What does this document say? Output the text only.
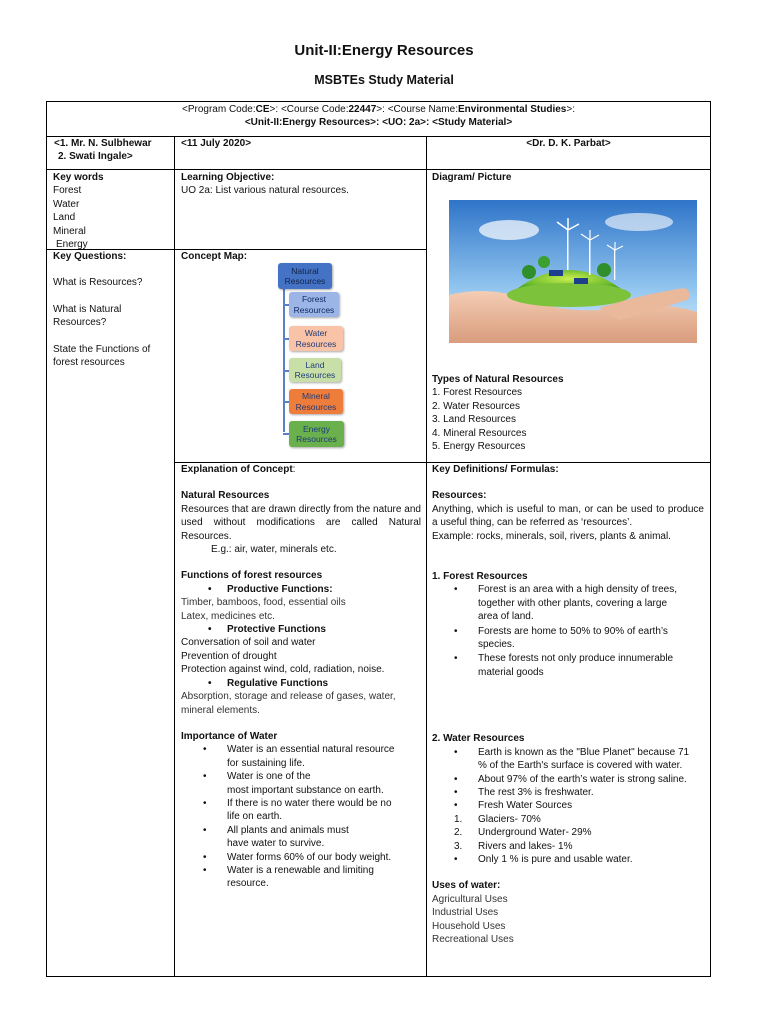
Unit-II:Energy Resources
MSBTEs Study Material
<Program Code:CE>: <Course Code:22447>: <Course Name:Environmental Studies>:
<Unit-II:Energy Resources>: <UO: 2a>: <Study Material>
<1. Mr. N. Sulbhewar
2. Swati Ingale>
<11 July 2020>	<Dr. D. K. Parbat>
Key words
Forest
Water
Land
Mineral
Energy
Learning Objective:
UO 2a: List various natural resources.
Key Questions:
What is Resources?
What is Natural
Resources?
State the Functions of
forest resources
Concept Map:
Natural
Resources
Forest
Resources
Water
Resources
Land
Resources
Mineral
Resources
Energy
Resources
Diagram/ Picture
Types of Natural Resources
1. Forest Resources
2. Water Resources
3. Land Resources
4. Mineral Resources
5. Energy Resources
Explanation of Concept:
Natural Resources
Resources that are drawn directly from the nature and used without modifications are called Natural Resources.
E.g.: air, water, minerals etc.
Functions of forest resources
• Productive Functions:
Timber, bamboos, food, essential oils
Latex, medicines etc.
• Protective Functions
Conversation of soil and water
Prevention of drought
Protection against wind, cold, radiation, noise.
• Regulative Functions
Absorption, storage and release of gases, water,
mineral elements.
Importance of Water
• Water is an essential natural resource
for sustaining life.
• Water is one of the
most important substance on earth.
• If there is no water there would be no
life on earth.
• All plants and animals must
have water to survive.
• Water forms 60% of our body weight.
• Water is a renewable and limiting
resource.
Key Definitions/ Formulas:
Resources:
Anything, which is useful to man, or can be used to produce a useful thing, can be referred as ‘resources’.
Example: rocks, minerals, soil, rivers, plants & animal.
1. Forest Resources
• Forest is an area with a high density of trees,
together with other plants, covering a large
area of land.
• Forests are home to 50% to 90% of earth’s
species.
• These forests not only produce innumerable
material goods
2. Water Resources
• Earth is known as the "Blue Planet" because 71
% of the Earth's surface is covered with water.
• About 97% of the earth’s water is strong saline.
• The rest 3% is freshwater.
• Fresh Water Sources
1. Glaciers- 70%
2. Underground Water- 29%
3. Rivers and lakes- 1%
• Only 1 % is pure and usable water.
Uses of water:
Agricultural Uses
Industrial Uses
Household Uses
Recreational Uses
